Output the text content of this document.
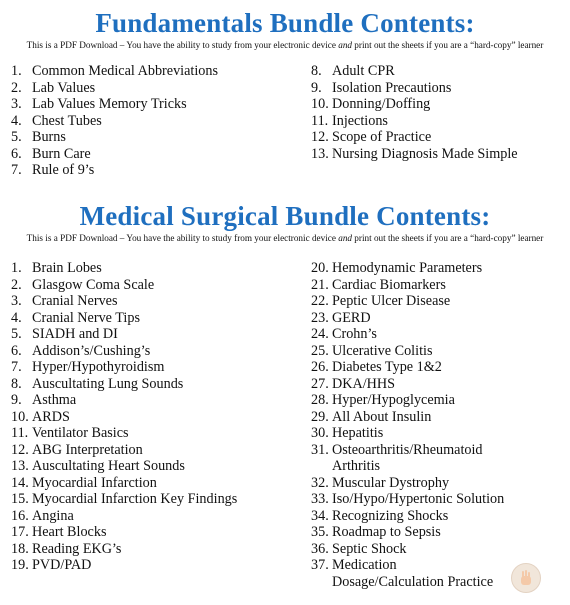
Fundamentals Bundle Contents:
This is a PDF Download – You have the ability to study from your electronic device and print out the sheets if you are a “hard-copy” learner
1. Common Medical Abbreviations
2. Lab Values
3. Lab Values Memory Tricks
4. Chest Tubes
5. Burns
6. Burn Care
7. Rule of 9’s
8. Adult CPR
9. Isolation Precautions
10. Donning/Doffing
11. Injections
12. Scope of Practice
13. Nursing Diagnosis Made Simple
Medical Surgical Bundle Contents:
This is a PDF Download – You have the ability to study from your electronic device and print out the sheets if you are a “hard-copy” learner
1. Brain Lobes
2. Glasgow Coma Scale
3. Cranial Nerves
4. Cranial Nerve Tips
5. SIADH and DI
6. Addison’s/Cushing’s
7. Hyper/Hypothyroidism
8. Auscultating Lung Sounds
9. Asthma
10. ARDS
11. Ventilator Basics
12. ABG Interpretation
13. Auscultating Heart Sounds
14. Myocardial Infarction
15. Myocardial Infarction Key Findings
16. Angina
17. Heart Blocks
18. Reading EKG’s
19. PVD/PAD
20. Hemodynamic Parameters
21. Cardiac Biomarkers
22. Peptic Ulcer Disease
23. GERD
24. Crohn’s
25. Ulcerative Colitis
26. Diabetes Type 1&2
27. DKA/HHS
28. Hyper/Hypoglycemia
29. All About Insulin
30. Hepatitis
31. Osteoarthritis/Rheumatoid Arthritis
32. Muscular Dystrophy
33. Iso/Hypo/Hypertonic Solution
34. Recognizing Shocks
35. Roadmap to Sepsis
36. Septic Shock
37. Medication Dosage/Calculation Practice
